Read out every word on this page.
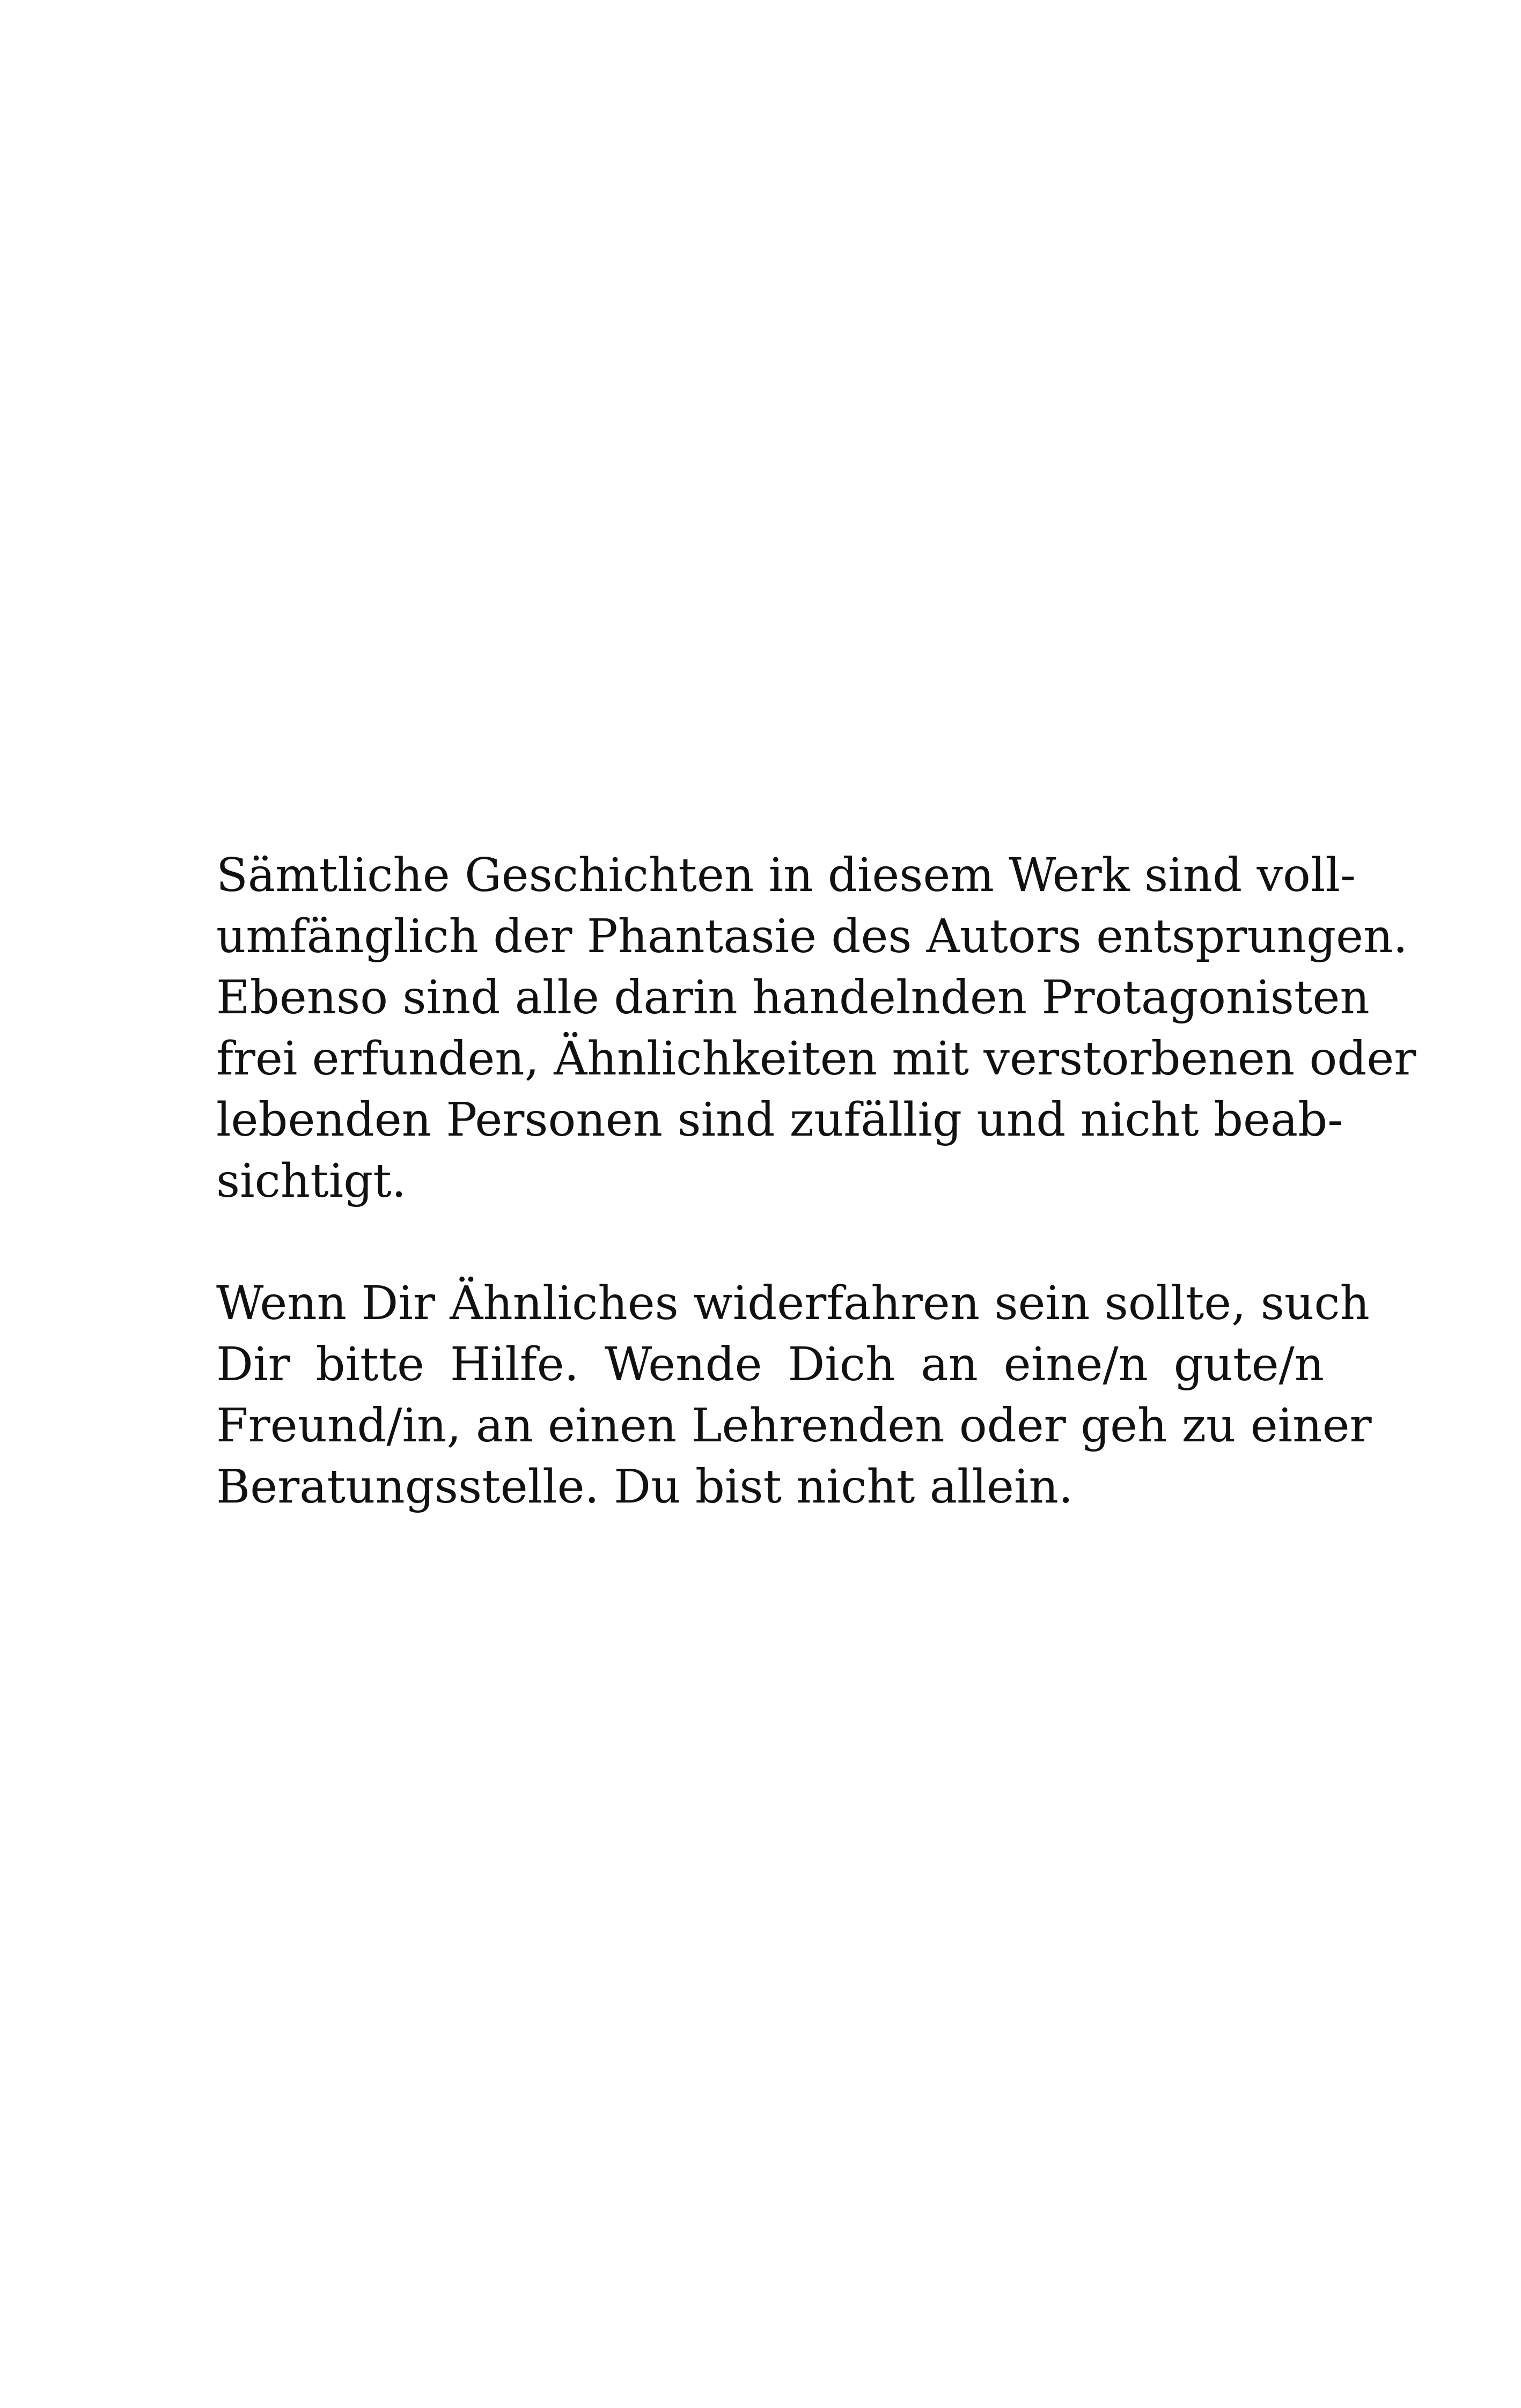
Sämtliche Geschichten in diesem Werk sind voll-
umfänglich der Phantasie des Autors entsprungen.
Ebenso sind alle darin handelnden Protagonisten
frei erfunden, Ähnlichkeiten mit verstorbenen oder
lebenden Personen sind zufällig und nicht beab-
sichtigt.

Wenn Dir Ähnliches widerfahren sein sollte, such
Dir bitte Hilfe. Wende Dich an eine/n gute/n
Freund/in, an einen Lehrenden oder geh zu einer
Beratungsstelle. Du bist nicht allein.
